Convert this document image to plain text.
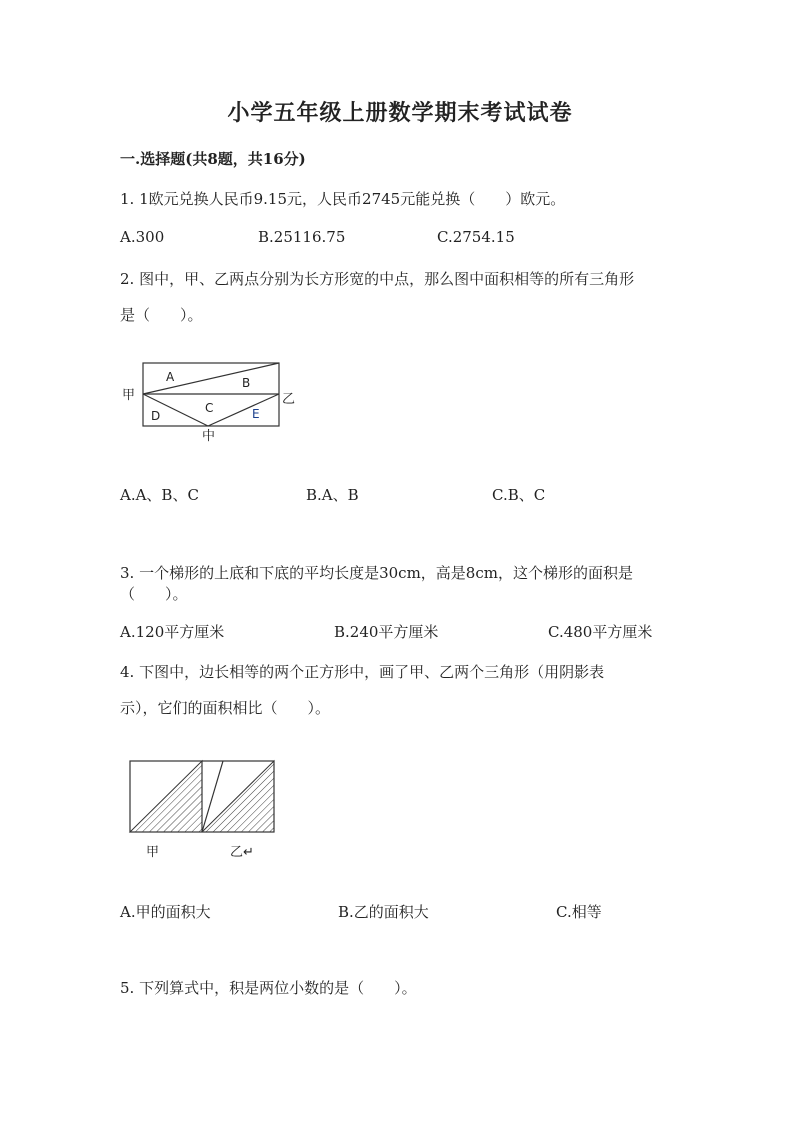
小学五年级上册数学期末考试试卷
一.选择题(共8题，共16分)
1. 1欧元兑换人民币9.15元，人民币2745元能兑换（　　）欧元。
A.300	B.25116.75	C.2754.15
2. 图中，甲、乙两点分别为长方形宽的中点，那么图中面积相等的所有三角形
是（　　）。
A	B
C
D	E
甲	乙
中
A.A、B、C	B.A、B	C.B、C
3. 一个梯形的上底和下底的平均长度是30cm，高是8cm，这个梯形的面积是
（　　）。
A.120平方厘米	B.240平方厘米	C.480平方厘米
4. 下图中，边长相等的两个正方形中，画了甲、乙两个三角形（用阴影表
示），它们的面积相比（　　）。
甲	乙↵
A.甲的面积大	B.乙的面积大	C.相等
5. 下列算式中，积是两位小数的是（　　）。
